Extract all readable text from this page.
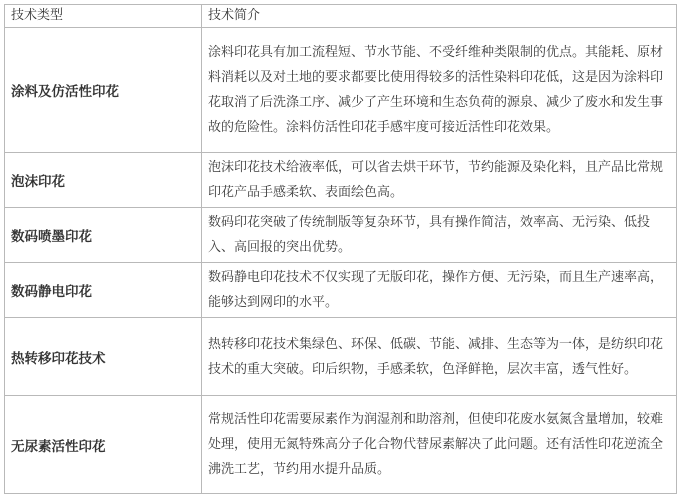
技术类型	技术简介
涂料及仿活性印花	涂料印花具有加工流程短、节水节能、不受纤维种类限制的优点。其能耗、原材料消耗以及对土地的要求都要比使用得较多的活性染料印花低，这是因为涂料印花取消了后洗涤工序、减少了产生环境和生态负荷的源泉、减少了废水和发生事故的危险性。涂料仿活性印花手感牢度可接近活性印花效果。
泡沫印花	泡沫印花技术给液率低，可以省去烘干环节，节约能源及染化料，且产品比常规印花产品手感柔软、表面绘色高。
数码喷墨印花	数码印花突破了传统制版等复杂环节，具有操作简洁，效率高、无污染、低投入、高回报的突出优势。
数码静电印花	数码静电印花技术不仅实现了无版印花，操作方便、无污染，而且生产速率高，能够达到网印的水平。
热转移印花技术	热转移印花技术集绿色、环保、低碳、节能、减排、生态等为一体，是纺织印花技术的重大突破。印后织物，手感柔软，色泽鲜艳，层次丰富，透气性好。
无尿素活性印花	常规活性印花需要尿素作为润湿剂和助溶剂，但使印花废水氨氮含量增加，较难处理，使用无氮特殊高分子化合物代替尿素解决了此问题。还有活性印花逆流全沸洗工艺，节约用水提升品质。
